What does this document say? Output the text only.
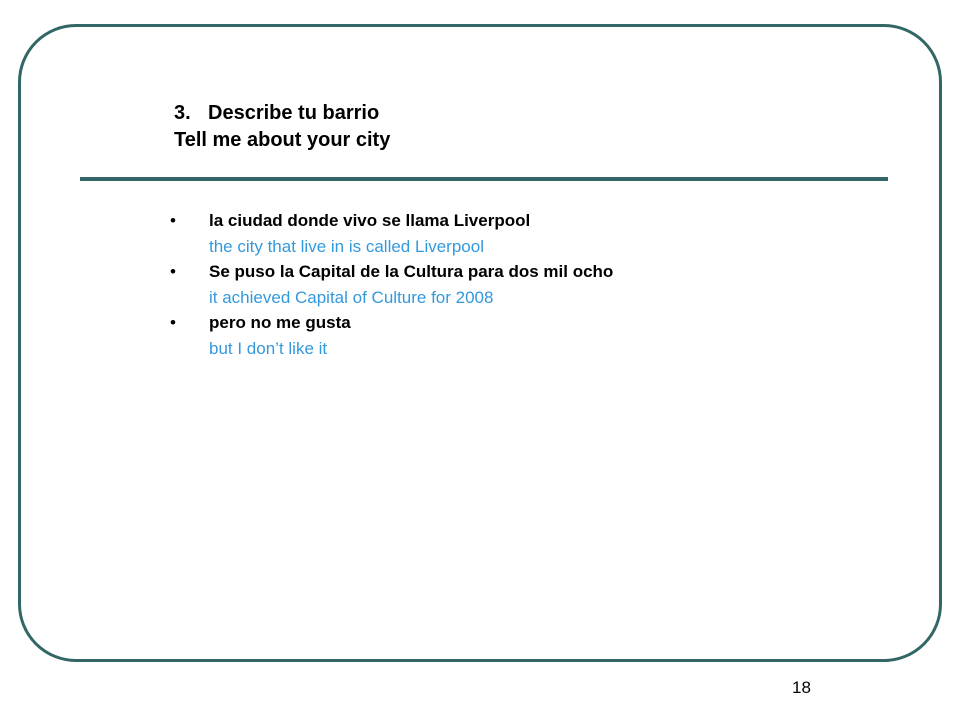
3. Describe tu barrio
Tell me about your city
•	la ciudad donde vivo se llama Liverpool
the city that live in is called Liverpool
•	Se puso la Capital de la Cultura para dos mil ocho
it achieved Capital of Culture for 2008
•	pero no me gusta
but I don’t like it
18
